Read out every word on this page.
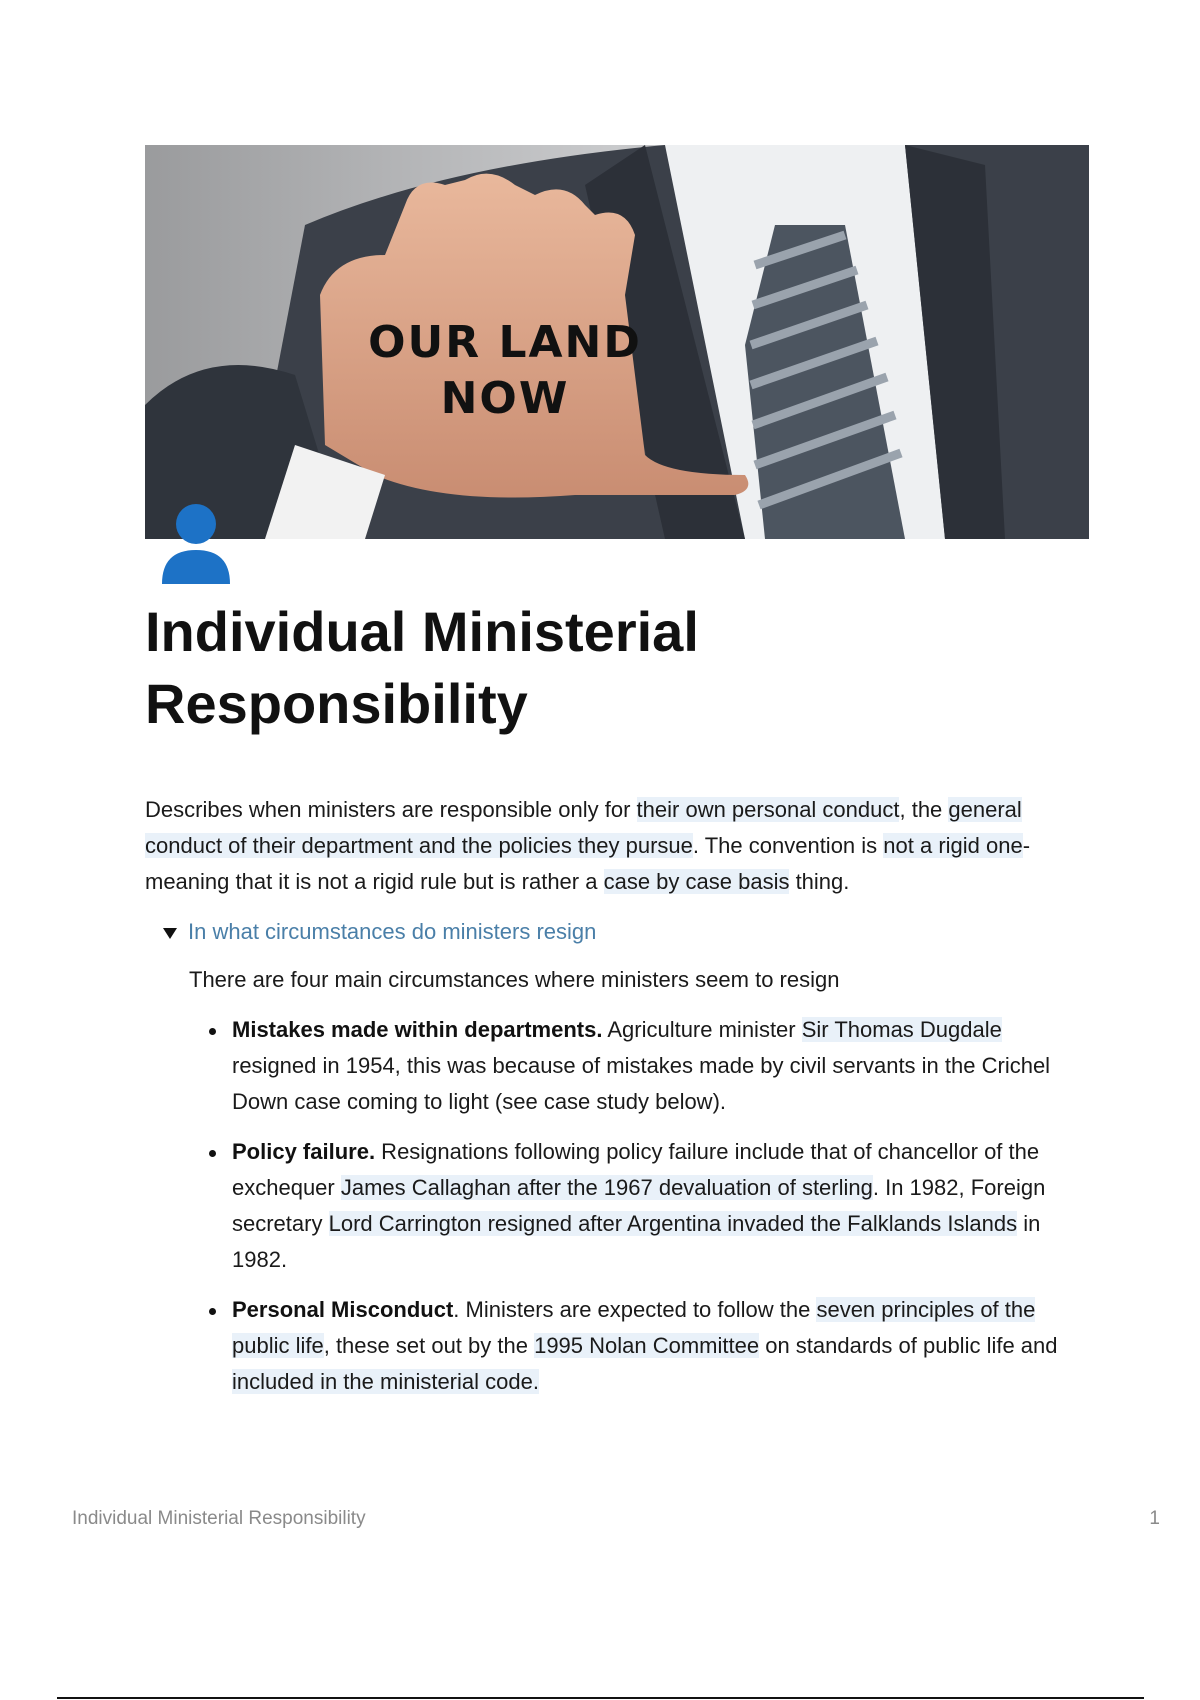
OUR LAND
NOW
Individual Ministerial
Responsibility

Describes when ministers are responsible only for their own personal conduct, the general conduct of their department and the policies they pursue. The convention is not a rigid one- meaning that it is not a rigid rule but is rather a case by case basis thing.

In what circumstances do ministers resign

There are four main circumstances where ministers seem to resign

Mistakes made within departments. Agriculture minister Sir Thomas Dugdale resigned in 1954, this was because of mistakes made by civil servants in the Crichel Down case coming to light (see case study below).
Policy failure. Resignations following policy failure include that of chancellor of the exchequer James Callaghan after the 1967 devaluation of sterling. In 1982, Foreign secretary Lord Carrington resigned after Argentina invaded the Falklands Islands in 1982.
Personal Misconduct. Ministers are expected to follow the seven principles of the public life, these set out by the 1995 Nolan Committee on standards of public life and included in the ministerial code.
Individual Ministerial Responsibility	1
